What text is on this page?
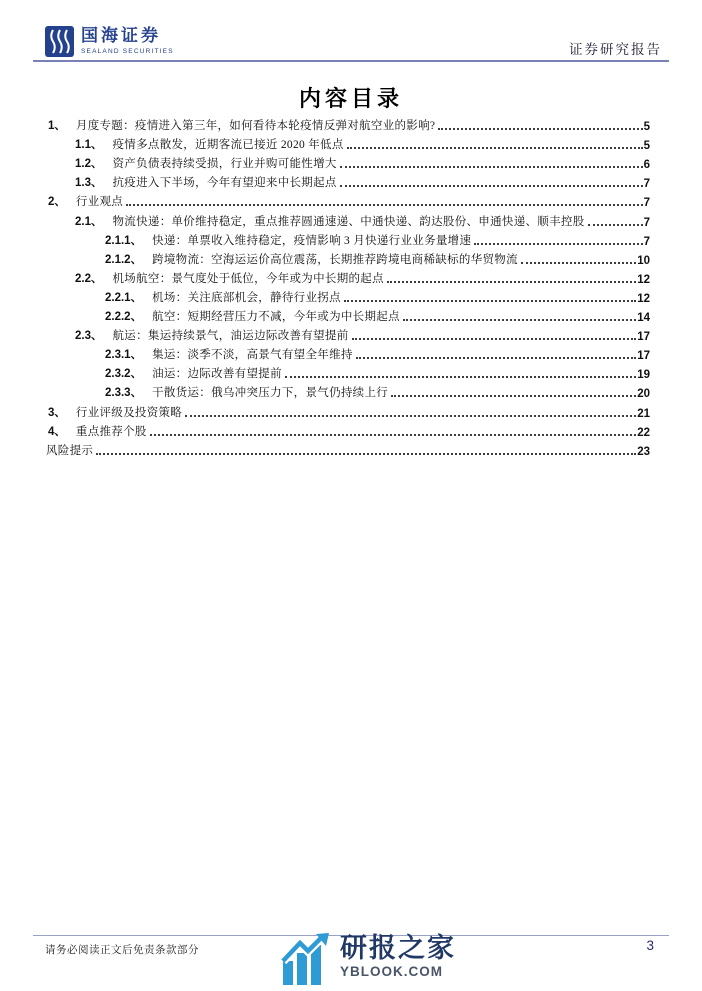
国海证券
SEALAND SECURITIES	证券研究报告
内容目录
1、 月度专题：疫情进入第三年，如何看待本轮疫情反弹对航空业的影响?	5
1.1、 疫情多点散发，近期客流已接近 2020 年低点	5
1.2、 资产负债表持续受损，行业并购可能性增大	6
1.3、 抗疫进入下半场，今年有望迎来中长期起点	7
2、 行业观点	7
2.1、 物流快递：单价维持稳定，重点推荐圆通速递、中通快递、韵达股份、申通快递、顺丰控股	7
2.1.1、 快递：单票收入维持稳定，疫情影响 3 月快递行业业务量增速	7
2.1.2、 跨境物流：空海运运价高位震荡，长期推荐跨境电商稀缺标的华贸物流	10
2.2、 机场航空：景气度处于低位，今年或为中长期的起点	12
2.2.1、 机场：关注底部机会，静待行业拐点	12
2.2.2、 航空：短期经营压力不减，今年或为中长期起点	14
2.3、 航运：集运持续景气，油运边际改善有望提前	17
2.3.1、 集运：淡季不淡，高景气有望全年维持	17
2.3.2、 油运：边际改善有望提前	19
2.3.3、 干散货运：俄乌冲突压力下，景气仍持续上行	20
3、 行业评级及投资策略	21
4、 重点推荐个股	22
风险提示	23
请务必阅读正文后免责条款部分	3
研报之家
YBLOOK.COM
